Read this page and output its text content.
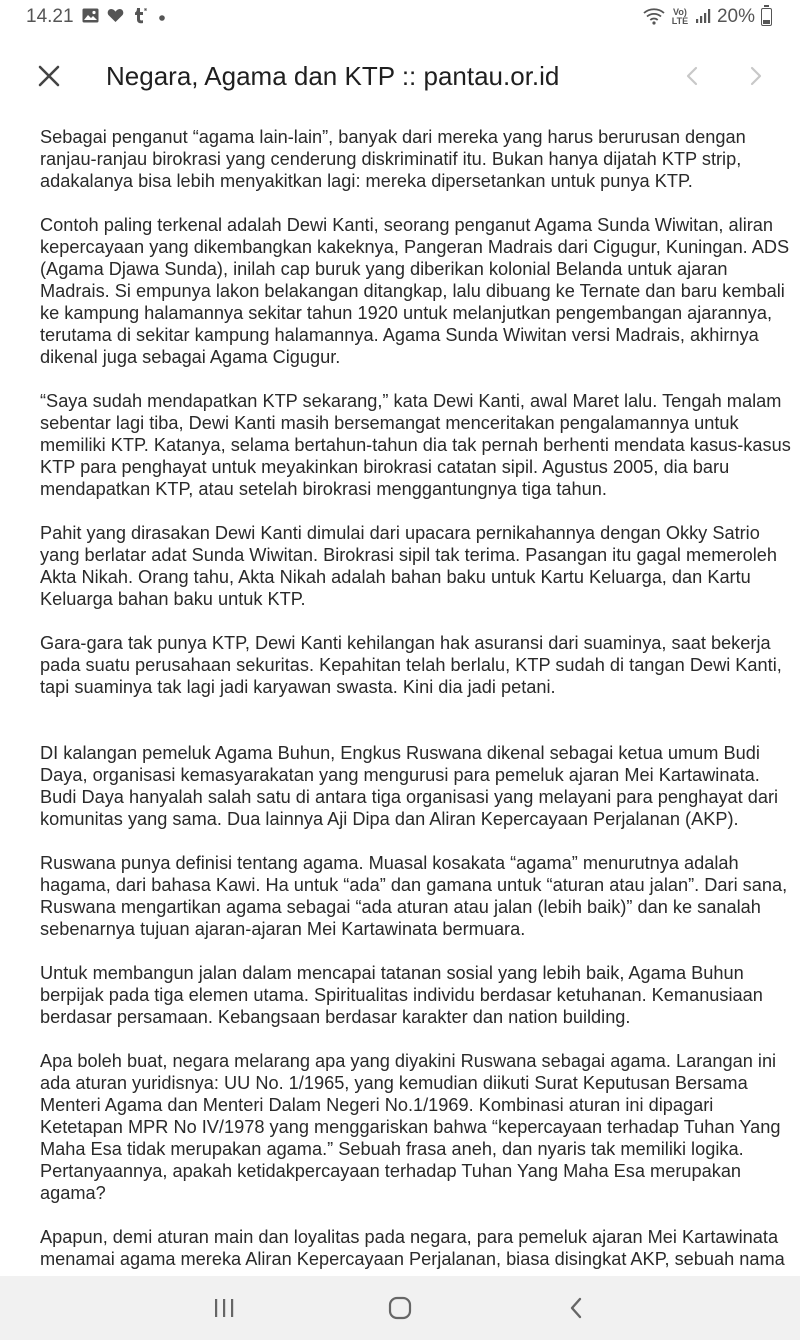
14.21	Vo) LTE 20%
Negara, Agama dan KTP :: pantau.or.id

Sebagai penganut “agama lain-lain”, banyak dari mereka yang harus berurusan dengan ranjau-ranjau birokrasi yang cenderung diskriminatif itu. Bukan hanya dijatah KTP strip, adakalanya bisa lebih menyakitkan lagi: mereka dipersetankan untuk punya KTP.

Contoh paling terkenal adalah Dewi Kanti, seorang penganut Agama Sunda Wiwitan, aliran kepercayaan yang dikembangkan kakeknya, Pangeran Madrais dari Cigugur, Kuningan. ADS (Agama Djawa Sunda), inilah cap buruk yang diberikan kolonial Belanda untuk ajaran Madrais. Si empunya lakon belakangan ditangkap, lalu dibuang ke Ternate dan baru kembali ke kampung halamannya sekitar tahun 1920 untuk melanjutkan pengembangan ajarannya, terutama di sekitar kampung halamannya. Agama Sunda Wiwitan versi Madrais, akhirnya dikenal juga sebagai Agama Cigugur.

“Saya sudah mendapatkan KTP sekarang,” kata Dewi Kanti, awal Maret lalu. Tengah malam sebentar lagi tiba, Dewi Kanti masih bersemangat menceritakan pengalamannya untuk memiliki KTP. Katanya, selama bertahun-tahun dia tak pernah berhenti mendata kasus-kasus KTP para penghayat untuk meyakinkan birokrasi catatan sipil. Agustus 2005, dia baru mendapatkan KTP, atau setelah birokrasi menggantungnya tiga tahun.

Pahit yang dirasakan Dewi Kanti dimulai dari upacara pernikahannya dengan Okky Satrio yang berlatar adat Sunda Wiwitan. Birokrasi sipil tak terima. Pasangan itu gagal memeroleh Akta Nikah. Orang tahu, Akta Nikah adalah bahan baku untuk Kartu Keluarga, dan Kartu Keluarga bahan baku untuk KTP.

Gara-gara tak punya KTP, Dewi Kanti kehilangan hak asuransi dari suaminya, saat bekerja pada suatu perusahaan sekuritas. Kepahitan telah berlalu, KTP sudah di tangan Dewi Kanti, tapi suaminya tak lagi jadi karyawan swasta. Kini dia jadi petani.

DI kalangan pemeluk Agama Buhun, Engkus Ruswana dikenal sebagai ketua umum Budi Daya, organisasi kemasyarakatan yang mengurusi para pemeluk ajaran Mei Kartawinata. Budi Daya hanyalah salah satu di antara tiga organisasi yang melayani para penghayat dari komunitas yang sama. Dua lainnya Aji Dipa dan Aliran Kepercayaan Perjalanan (AKP).

Ruswana punya definisi tentang agama. Muasal kosakata “agama” menurutnya adalah hagama, dari bahasa Kawi. Ha untuk “ada” dan gamana untuk “aturan atau jalan”. Dari sana, Ruswana mengartikan agama sebagai “ada aturan atau jalan (lebih baik)” dan ke sanalah sebenarnya tujuan ajaran-ajaran Mei Kartawinata bermuara.

Untuk membangun jalan dalam mencapai tatanan sosial yang lebih baik, Agama Buhun berpijak pada tiga elemen utama. Spiritualitas individu berdasar ketuhanan. Kemanusiaan berdasar persamaan. Kebangsaan berdasar karakter dan nation building.

Apa boleh buat, negara melarang apa yang diyakini Ruswana sebagai agama. Larangan ini ada aturan yuridisnya: UU No. 1/1965, yang kemudian diikuti Surat Keputusan Bersama Menteri Agama dan Menteri Dalam Negeri No.1/1969. Kombinasi aturan ini dipagari Ketetapan MPR No IV/1978 yang menggariskan bahwa “kepercayaan terhadap Tuhan Yang Maha Esa tidak merupakan agama.” Sebuah frasa aneh, dan nyaris tak memiliki logika. Pertanyaannya, apakah ketidakpercayaan terhadap Tuhan Yang Maha Esa merupakan agama?

Apapun, demi aturan main dan loyalitas pada negara, para pemeluk ajaran Mei Kartawinata menamai agama mereka Aliran Kepercayaan Perjalanan, biasa disingkat AKP, sebuah nama
